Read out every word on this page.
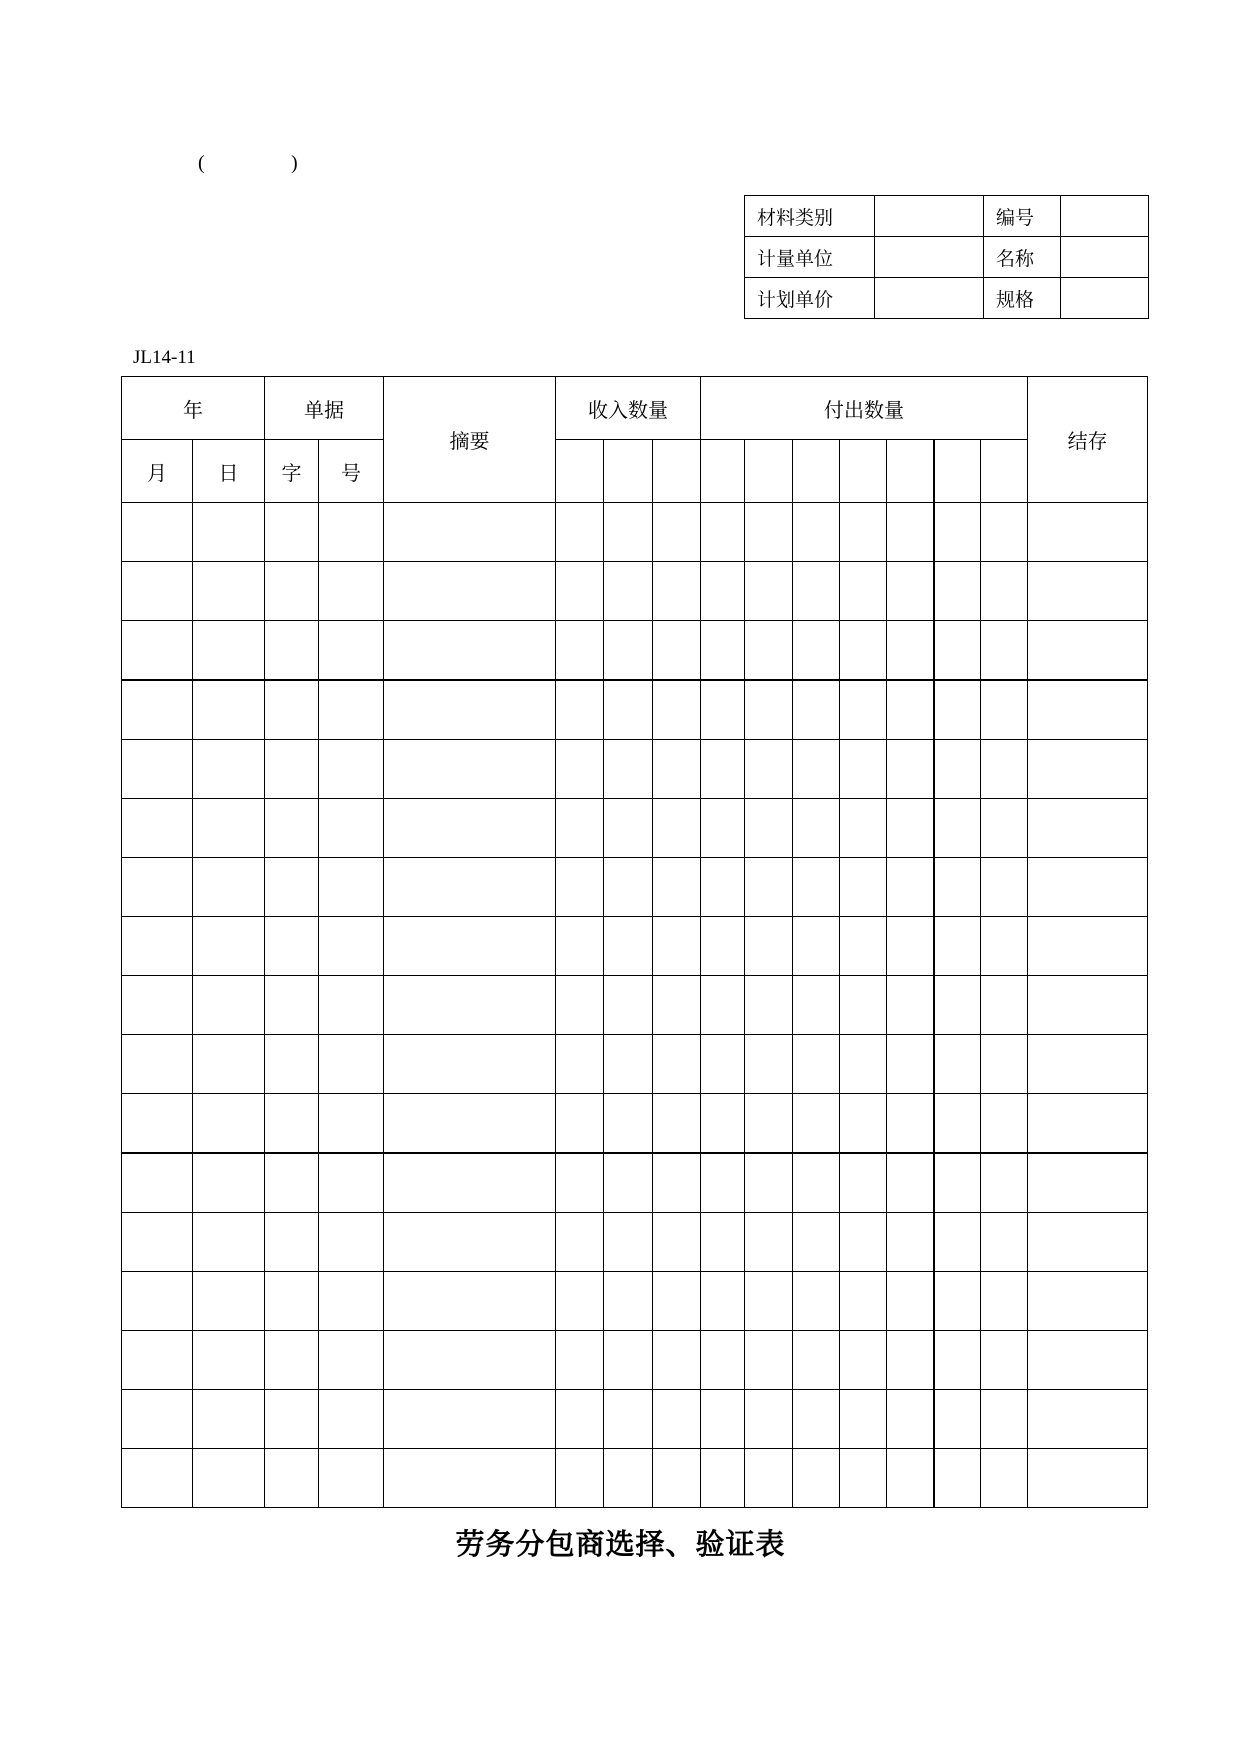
(	)
材料类别		编号	
计量单位		名称	
计划单价		规格	
JL14-11
年		单据		摘要	收入数量			付出数量							结存
月	日	字	号												

劳务分包商选择、验证表
